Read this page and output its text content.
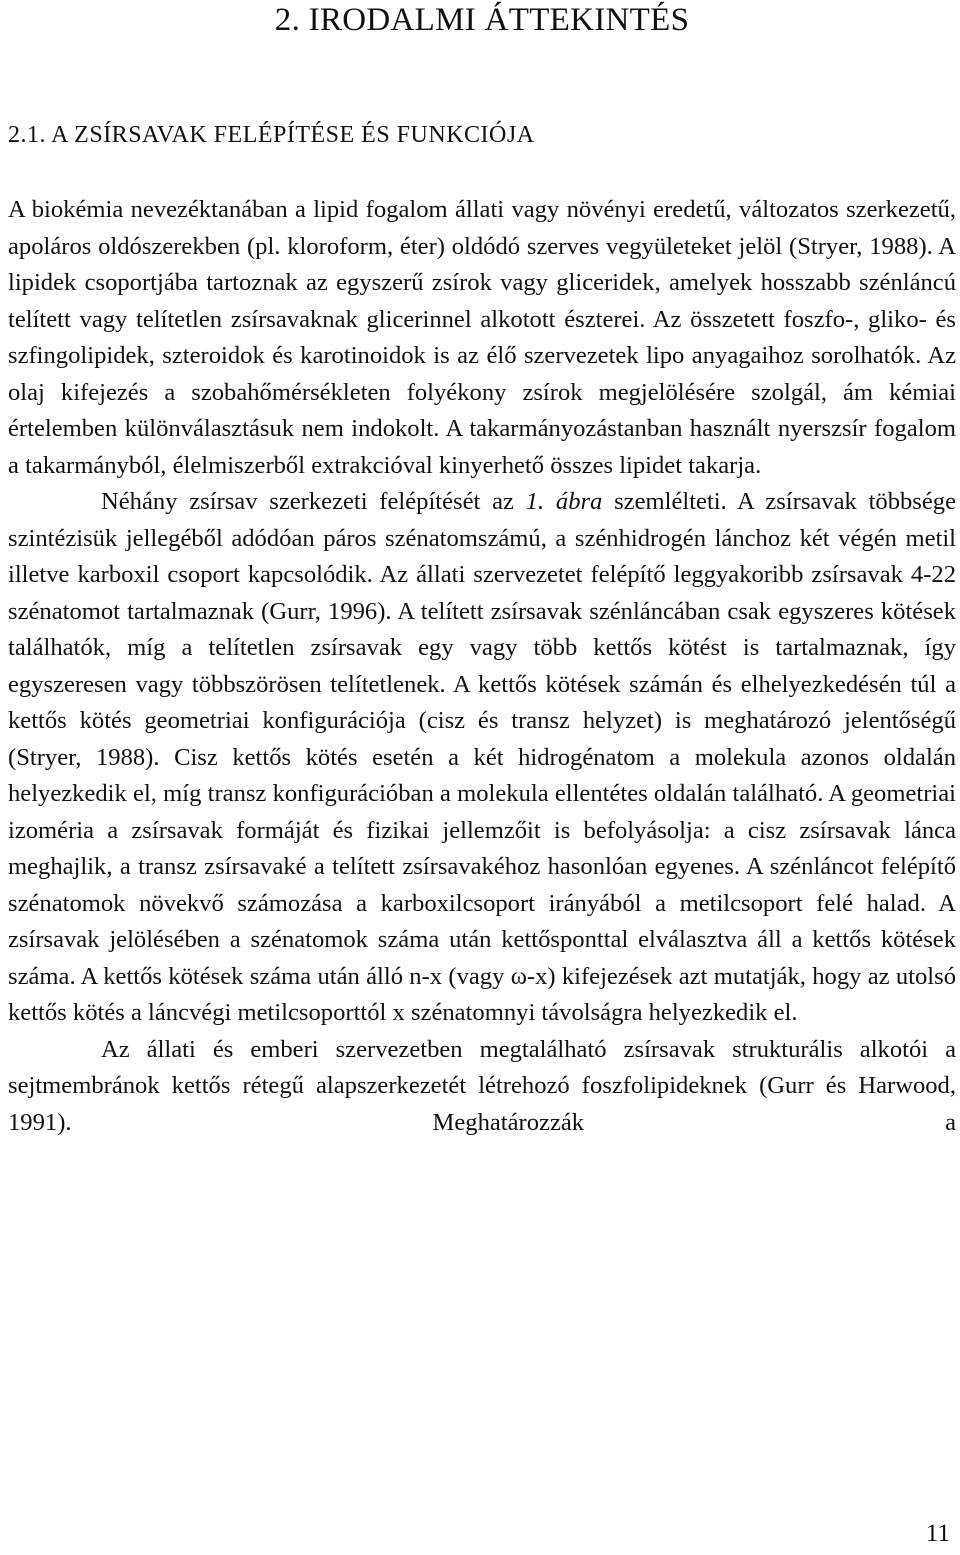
2. IRODALMI ÁTTEKINTÉS
2.1. A ZSÍRSAVAK FELÉPÍTÉSE ÉS FUNKCIÓJA

A biokémia nevezéktanában a lipid fogalom állati vagy növényi eredetű, változatos szerkezetű, apoláros oldószerekben (pl. kloroform, éter) oldódó szerves vegyületeket jelöl (Stryer, 1988). A lipidek csoportjába tartoznak az egyszerű zsírok vagy gliceridek, amelyek hosszabb szénláncú telített vagy telítetlen zsírsavaknak glicerinnel alkotott észterei. Az összetett foszfo-, gliko- és szfingolipidek, szteroidok és karotinoidok is az élő szervezetek lipo anyagaihoz sorolhatók. Az olaj kifejezés a szobahőmérsékleten folyékony zsírok megjelölésére szolgál, ám kémiai értelemben különválasztásuk nem indokolt. A takarmányozástanban használt nyerszsír fogalom a takarmányból, élelmiszerből extrakcióval kinyerhető összes lipidet takarja.

Néhány zsírsav szerkezeti felépítését az 1. ábra szemlélteti. A zsírsavak többsége szintézisük jellegéből adódóan páros szénatomszámú, a szénhidrogén lánchoz két végén metil illetve karboxil csoport kapcsolódik. Az állati szervezetet felépítő leggyakoribb zsírsavak 4-22 szénatomot tartalmaznak (Gurr, 1996). A telített zsírsavak szénláncában csak egyszeres kötések találhatók, míg a telítetlen zsírsavak egy vagy több kettős kötést is tartalmaznak, így egyszeresen vagy többszörösen telítetlenek. A kettős kötések számán és elhelyezkedésén túl a kettős kötés geometriai konfigurációja (cisz és transz helyzet) is meghatározó jelentőségű (Stryer, 1988). Cisz kettős kötés esetén a két hidrogénatom a molekula azonos oldalán helyezkedik el, míg transz konfigurációban a molekula ellentétes oldalán található. A geometriai izoméria a zsírsavak formáját és fizikai jellemzőit is befolyásolja: a cisz zsírsavak lánca meghajlik, a transz zsírsavaké a telített zsírsavakéhoz hasonlóan egyenes. A szénláncot felépítő szénatomok növekvő számozása a karboxilcsoport irányából a metilcsoport felé halad. A zsírsavak jelölésében a szénatomok száma után kettősponttal elválasztva áll a kettős kötések száma. A kettős kötések száma után álló n-x (vagy ω-x) kifejezések azt mutatják, hogy az utolsó kettős kötés a láncvégi metilcsoporttól x szénatomnyi távolságra helyezkedik el.

Az állati és emberi szervezetben megtalálható zsírsavak strukturális alkotói a sejtmembránok kettős rétegű alapszerkezetét létrehozó foszfolipideknek (Gurr és Harwood, 1991). Meghatározzák a

11
